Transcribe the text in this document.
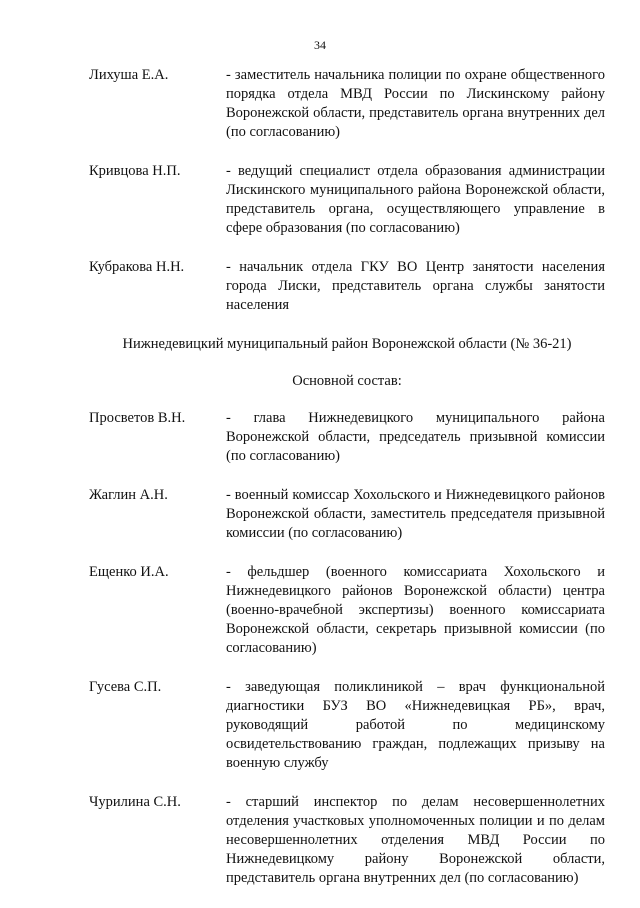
34
Лихуша Е.А.	- заместитель начальника полиции по охране общественного порядка отдела МВД России по Лискинскому району Воронежской области, представитель органа внутренних дел (по согласованию)
Кривцова Н.П.	- ведущий специалист отдела образования администрации Лискинского муниципального района Воронежской области, представитель органа, осуществляющего управление в сфере образования (по согласованию)
Кубракова Н.Н.	- начальник отдела ГКУ ВО Центр занятости населения города Лиски, представитель органа службы занятости населения
Нижнедевицкий муниципальный район Воронежской области (№ 36-21)
Основной состав:
Просветов В.Н.	- глава Нижнедевицкого муниципального района Воронежской области, председатель призывной комиссии (по согласованию)
Жаглин А.Н.	- военный комиссар Хохольского и Нижнедевицкого районов Воронежской области, заместитель председателя призывной комиссии (по согласованию)
Ещенко И.А.	- фельдшер (военного комиссариата Хохольского и Нижнедевицкого районов Воронежской области) центра (военно-врачебной экспертизы) военного комиссариата Воронежской области, секретарь призывной комиссии (по согласованию)
Гусева С.П.	- заведующая поликлиникой – врач функциональной диагностики БУЗ ВО «Нижнедевицкая РБ», врач, руководящий работой по медицинскому освидетельствованию граждан, подлежащих призыву на военную службу
Чурилина С.Н.	- старший инспектор по делам несовершеннолетних отделения участковых уполномоченных полиции и по делам несовершеннолетних отделения МВД России по Нижнедевицкому району Воронежской области, представитель органа внутренних дел (по согласованию)
